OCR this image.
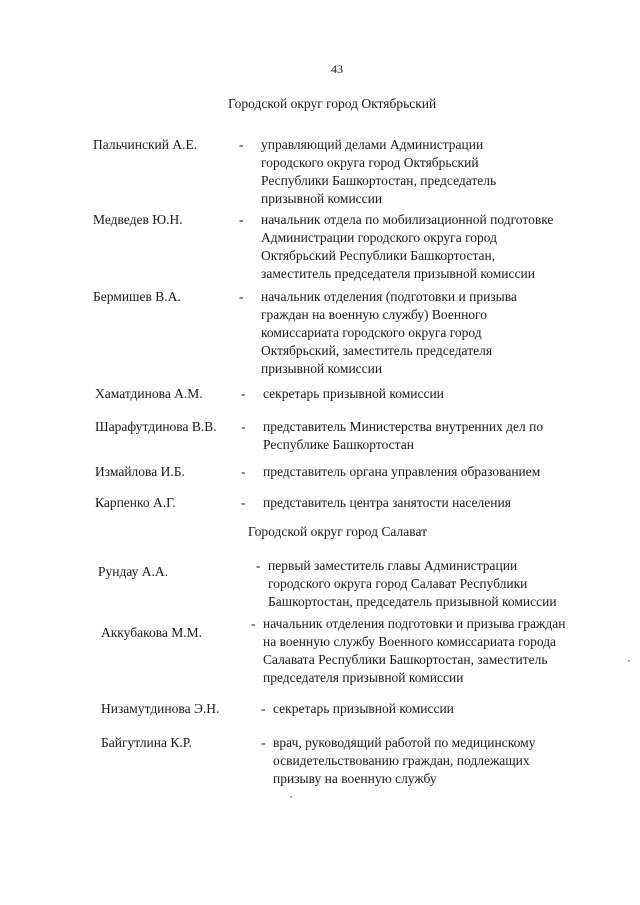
43
Городской округ город Октябрьский
Пальчинский А.Е.	- управляющий делами Администрации
городского округа город Октябрьский
Республики Башкортостан, председатель
призывной комиссии
Медведев Ю.Н.	- начальник отдела по мобилизационной подготовке
Администрации городского округа город
Октябрьский Республики Башкортостан,
заместитель председателя призывной комиссии
Бермишев В.А.	- начальник отделения (подготовки и призыва
граждан на военную службу) Военного
комиссариата городского округа город
Октябрьский, заместитель председателя
призывной комиссии
Хаматдинова А.М.	- секретарь призывной комиссии
Шарафутдинова В.В. - представитель Министерства внутренних дел по
Республике Башкортостан
Измайлова И.Б.	- представитель органа управления образованием
Карпенко А.Г.	- представитель центра занятости населения
Городской округ город Салават
Рундау А.А.	- первый заместитель главы Администрации
городского округа город Салават Республики
Башкортостан, председатель призывной комиссии
Аккубакова М.М.
- начальник отделения подготовки и призыва граждан
на военную службу Военного комиссариата города
Салавата Республики Башкортостан, заместитель
председателя призывной комиссии
Низамутдинова Э.Н.	- секретарь призывной комиссии
Байгутлина К.Р.	- врач, руководящий работой по медицинскому
освидетельствованию граждан, подлежащих
призыву на военную службу
